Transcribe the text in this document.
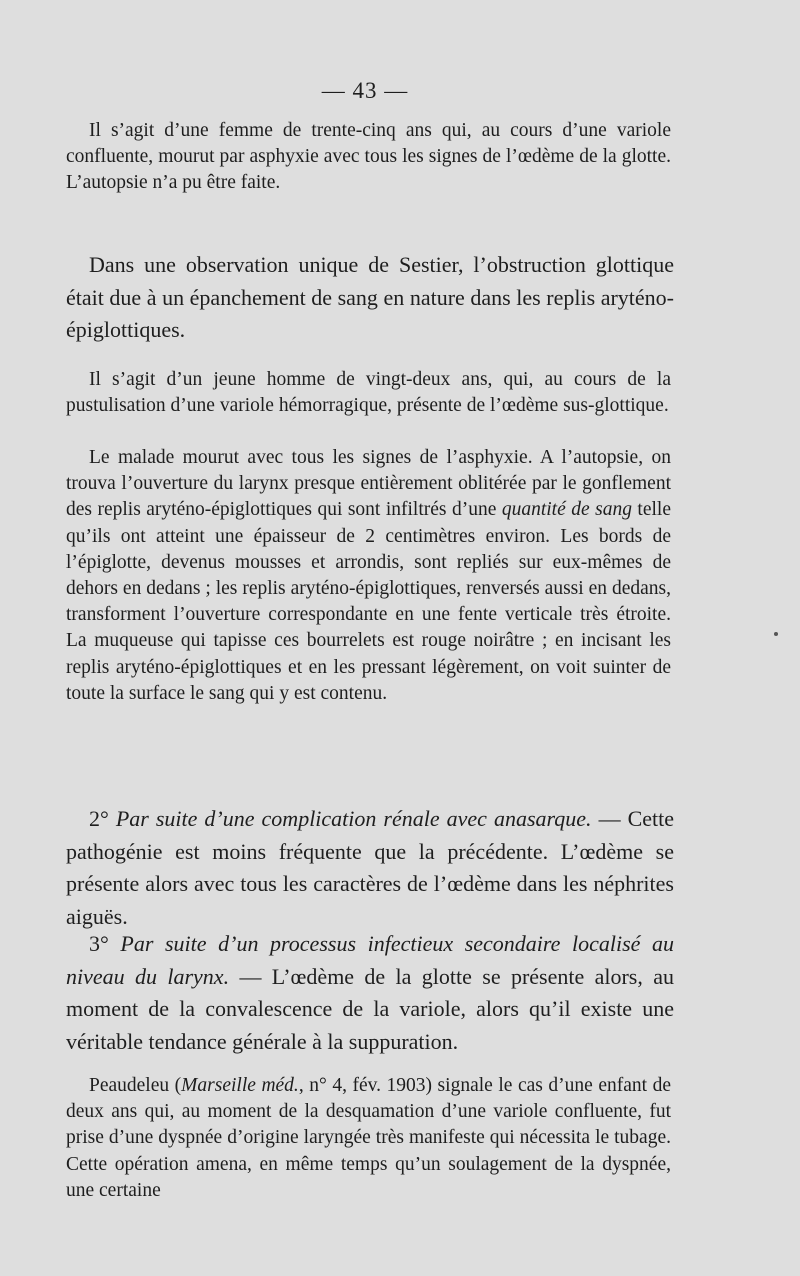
— 43 —

Il s’agit d’une femme de trente-cinq ans qui, au cours d’une variole confluente, mourut par asphyxie avec tous les signes de l’œdème de la glotte. L’autopsie n’a pu être faite.

Dans une observation unique de Sestier, l’obstruction glottique était due à un épanchement de sang en nature dans les replis aryténo-épiglottiques.

Il s’agit d’un jeune homme de vingt-deux ans, qui, au cours de la pustulisation d’une variole hémorragique, présente de l’œdème sus-glottique.

Le malade mourut avec tous les signes de l’asphyxie. A l’autopsie, on trouva l’ouverture du larynx presque entièrement oblitérée par le gonflement des replis aryténo-épiglottiques qui sont infiltrés d’une quantité de sang telle qu’ils ont atteint une épaisseur de 2 centimètres environ. Les bords de l’épiglotte, devenus mousses et arrondis, sont repliés sur eux-mêmes de dehors en dedans ; les replis aryténo-épiglottiques, renversés aussi en dedans, transforment l’ouverture correspondante en une fente verticale très étroite. La muqueuse qui tapisse ces bourrelets est rouge noirâtre ; en incisant les replis aryténo-épiglottiques et en les pressant légèrement, on voit suinter de toute la surface le sang qui y est contenu.

2° Par suite d’une complication rénale avec anasarque. — Cette pathogénie est moins fréquente que la précédente. L’œdème se présente alors avec tous les caractères de l’œdème dans les néphrites aiguës.

3° Par suite d’un processus infectieux secondaire localisé au niveau du larynx. — L’œdème de la glotte se présente alors, au moment de la convalescence de la variole, alors qu’il existe une véritable tendance générale à la suppuration.

Peaudeleu (Marseille méd., n° 4, fév. 1903) signale le cas d’une enfant de deux ans qui, au moment de la desquamation d’une variole confluente, fut prise d’une dyspnée d’origine laryngée très manifeste qui nécessita le tubage. Cette opération amena, en même temps qu’un soulagement de la dyspnée, une certaine
